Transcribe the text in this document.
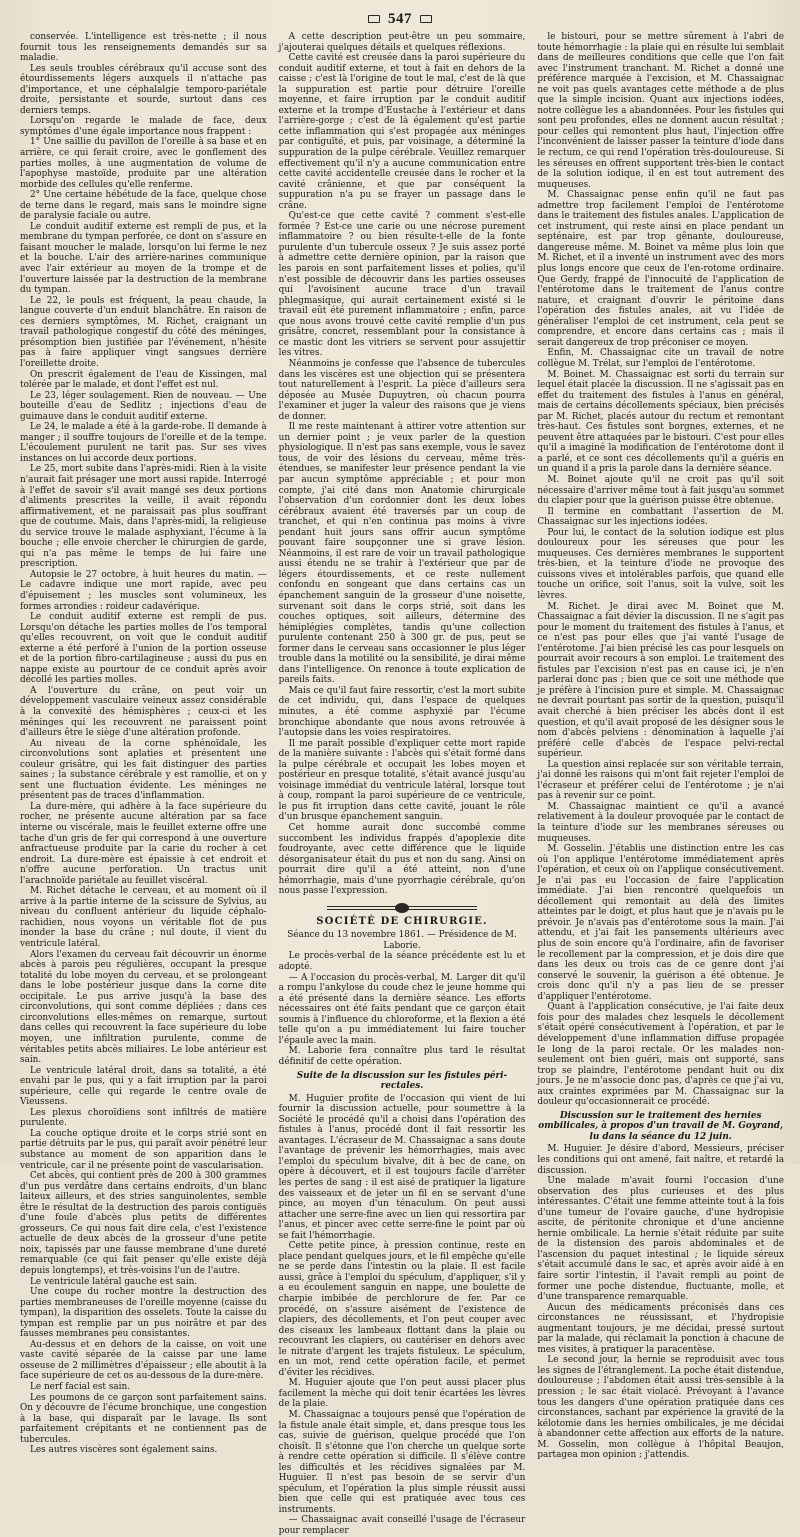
547

conservée. L'intelligence est très-nette ; il nous fournit tous les renseignements demandés sur sa maladie.

Les seuls troubles cérébraux qu'il accuse sont des étourdissements légers auxquels il n'attache pas d'importance, et une céphalalgie temporo-pariétale droite, persistante et sourde, surtout dans ces derniers temps.

Lorsqu'on regarde le malade de face, deux symptômes d'une égale importance nous frappent :

1° Une saillie du pavillon de l'oreille à sa base et en arrière, ce qui ferait croire, avec le gonflement des parties molles, à une augmentation de volume de l'apophyse mastoïde, produite par une altération morbide des cellules qu'elle renferme.

2° Une certaine hébétude de la face, quelque chose de terne dans le regard, mais sans le moindre signe de paralysie faciale ou autre.

Le conduit auditif externe est rempli de pus, et la membrane du tympan perforée, ce dont on s'assure en faisant moucher le malade, lorsqu'on lui ferme le nez et la bouche. L'air des arrière-narines communique avec l'air extérieur au moyen de la trompe et de l'ouverture laissée par la destruction de la membrane du tympan.

Le 22, le pouls est fréquent, la peau chaude, la langue couverte d'un enduit blanchâtre. En raison de ces derniers symptômes, M. Richet, craignant un travail pathologique congestif du côté des méninges, présomption bien justifiée par l'événement, n'hésite pas à faire appliquer vingt sangsues derrière l'oreillette droite.

On prescrit également de l'eau de Kissingen, mal tolérée par le malade, et dont l'effet est nul.

Le 23, léger soulagement. Rien de nouveau. — Une bouteille d'eau de Sedlitz ; injections d'eau de guimauve dans le conduit auditif externe.

Le 24, le malade a été à la garde-robe. Il demande à manger ; il souffre toujours de l'oreille et de la tempe. L'écoulement purulent ne tarit pas. Sur ses vives instances on lui accorde deux portions.

Le 25, mort subite dans l'après-midi. Rien à la visite n'aurait fait présager une mort aussi rapide. Interrogé à l'effet de savoir s'il avait mangé ses deux portions d'aliments prescrites la veille, il avait répondu affirmativement, et ne paraissait pas plus souffrant que de coutume. Mais, dans l'après-midi, la religieuse du service trouve le malade asphyxiant, l'écume à la bouche ; elle envoie chercher le chirurgien de garde, qui n'a pas même le temps de lui faire une prescription.

Autopsie le 27 octobre, à huit heures du matin. — Le cadavre indique une mort rapide, avec peu d'épuisement ; les muscles sont volumineux, les formes arrondies : roideur cadavérique.

Le conduit auditif externe est rempli de pus. Lorsqu'on détache les parties molles de l'os temporal qu'elles recouvrent, on voit que le conduit auditif externe a été perforé à l'union de la portion osseuse et de la portion fibro-cartilagineuse ; aussi du pus en nappe existe au pourtour de ce conduit après avoir décollé les parties molles.

A l'ouverture du crâne, on peut voir un développement vasculaire veineux assez considérable à la convexité des hémisphères ; ceux-ci et les méninges qui les recouvrent ne paraissent point d'ailleurs être le siège d'une altération profonde.

Au niveau de la corne sphénoïdale, les circonvolutions sont aplaties et présentent une couleur grisâtre, qui les fait distinguer des parties saines ; la substance cérébrale y est ramollie, et on y sent une fluctuation évidente. Les méninges ne présentent pas de traces d'inflammation.

La dure-mère, qui adhère à la face supérieure du rocher, ne présente aucune altération par sa face interne ou viscérale, mais le feuillet externe offre une tache d'un gris de fer qui correspond à une ouverture anfractueuse produite par la carie du rocher à cet endroit. La dure-mère est épaissie à cet endroit et n'offre aucune perforation. Un tractus unit l'arachnoïde pariétale au feuillet viscéral.

M. Richet détache le cerveau, et au moment où il arrive à la partie interne de la scissure de Sylvius, au niveau du confluent antérieur du liquide céphalo-rachidien, nous voyons un véritable flot de pus inonder la base du crâne ; nul doute, il vient du ventricule latéral.

Alors l'examen du cerveau fait découvrir un énorme abcès à parois peu régulières, occupant la presque totalité du lobe moyen du cerveau, et se prolongeant dans le lobe postérieur jusque dans la corne dite occipitale. Le pus arrive jusqu'à la base des circonvolutions, qui sont comme dépliées ; dans ces circonvolutions elles-mêmes on remarque, surtout dans celles qui recouvrent la face supérieure du lobe moyen, une infiltration purulente, comme de véritables petits abcès miliaires. Le lobe antérieur est sain.

Le ventricule latéral droit, dans sa totalité, a été envahi par le pus, qui y a fait irruption par la paroi supérieure, celle qui regarde le centre ovale de Vieussens.

Les plexus choroïdiens sont infiltrés de matière purulente.

La couche optique droite et le corps strié sont en partie détruits par le pus, qui paraît avoir pénétré leur substance au moment de son apparition dans le ventricule, car il ne présente point de vascularisation.

Cet abcès, qui contient près de 200 à 300 grammes d'un pus verdâtre dans certains endroits, d'un blanc laiteux ailleurs, et des stries sanguinolentes, semble être le résultat de la destruction des parois contiguës d'une foule d'abcès plus petits de différentes grosseurs. Ce qui nous fait dire cela, c'est l'existence actuelle de deux abcès de la grosseur d'une petite noix, tapissés par une fausse membrane d'une dureté remarquable (ce qui fait penser qu'elle existe déjà depuis longtemps), et très-voisins l'un de l'autre.

Le ventricule latéral gauche est sain.

Une coupe du rocher montre la destruction des parties membraneuses de l'oreille moyenne (caisse du tympan), la disparition des osselets. Toute la caisse du tympan est remplie par un pus noirâtre et par des fausses membranes peu consistantes.

Au-dessus et en dehors de la caisse, on voit une vaste cavité séparée de la caisse par une lame osseuse de 2 millimètres d'épaisseur ; elle aboutit à la face supérieure de cet os au-dessous de la dure-mère.

Le nerf facial est sain.

Les poumons de ce garçon sont parfaitement sains. On y découvre de l'écume bronchique, une congestion à la base, qui disparaît par le lavage. Ils sont parfaitement crépitants et ne contiennent pas de tubercules.

Les autres viscères sont également sains.

A cette description peut-être un peu sommaire, j'ajouterai quelques détails et quelques réflexions.

Cette cavité est creusée dans la paroi supérieure du conduit auditif externe, et tout à fait en dehors de la caisse ; c'est là l'origine de tout le mal, c'est de là que la suppuration est partie pour détruire l'oreille moyenne, et faire irruption par le conduit auditif externe et la trompe d'Eustache à l'extérieur et dans l'arrière-gorge ; c'est de là également qu'est partie cette inflammation qui s'est propagée aux méninges par contiguïté, et puis, par voisinage, a déterminé la suppuration de la pulpe cérébrale. Veuillez remarquer effectivement qu'il n'y a aucune communication entre cette cavité accidentelle creusée dans le rocher et la cavité crânienne, et que par conséquent la suppuration n'a pu se frayer un passage dans le crâne.

Qu'est-ce que cette cavité ? comment s'est-elle formée ? Est-ce une carie ou une nécrose purement inflammatoire ? ou bien résulte-t-elle de la fonte purulente d'un tubercule osseux ? Je suis assez porté à admettre cette dernière opinion, par la raison que les parois en sont parfaitement lisses et polies, qu'il n'est possible de découvrir dans les parties osseuses qui l'avoisinent aucune trace d'un travail phlegmasique, qui aurait certainement existé si le travail eût été purement inflammatoire ; enfin, parce que nous avons trouvé cette cavité remplie d'un pus grisâtre, concret, ressemblant pour la consistance à ce mastic dont les vitriers se servent pour assujettir les vitres.

Néanmoins je confesse que l'absence de tubercules dans les viscères est une objection qui se présentera tout naturellement à l'esprit. La pièce d'ailleurs sera déposée au Musée Dupuytren, où chacun pourra l'examiner et juger la valeur des raisons que je viens de donner.

Il me reste maintenant à attirer votre attention sur un dernier point ; je veux parler de la question physiologique. Il n'est pas sans exemple, vous le savez tous, de voir des lésions du cerveau, même très-étendues, se manifester leur présence pendant la vie par aucun symptôme appréciable ; et pour mon compte, j'ai cité dans mon Anatomie chirurgicale l'observation d'un cordonnier dont les deux lobes cérébraux avaient été traversés par un coup de tranchet, et qui n'en continua pas moins à vivre pendant huit jours sans offrir aucun symptôme pouvant faire soupçonner une si grave lésion. Néanmoins, il est rare de voir un travail pathologique aussi étendu ne se trahir à l'extérieur que par de légers étourdissements, et ce reste nullement confondu en songeant que dans certains cas un épanchement sanguin de la grosseur d'une noisette, survenant soit dans le corps strié, soit dans les couches optiques, soit ailleurs, détermine des hémiplégies complètes, tandis qu'une collection purulente contenant 250 à 300 gr. de pus, peut se former dans le cerveau sans occasionner le plus léger trouble dans la motilité ou la sensibilité, je dirai même dans l'intelligence. On renonce à toute explication de pareils faits.

Mais ce qu'il faut faire ressortir, c'est la mort subite de cet individu, qui, dans l'espace de quelques minutes, a été comme asphyxié par l'écume bronchique abondante que nous avons retrouvée à l'autopsie dans les voies respiratoires.

Il me paraît possible d'expliquer cette mort rapide de la manière suivante : l'abcès qui s'était formé dans la pulpe cérébrale et occupait les lobes moyen et postérieur en presque totalité, s'était avancé jusqu'au voisinage immédiat du ventricule latéral, lorsque tout à coup, rompant la paroi supérieure de ce ventricule, le pus fit irruption dans cette cavité, jouant le rôle d'un brusque épanchement sanguin.

Cet homme aurait donc succombé comme succombent les individus frappés d'apoplexie dite foudroyante, avec cette différence que le liquide désorganisateur était du pus et non du sang. Ainsi on pourrait dire qu'il a été atteint, non d'une hémorrhagie, mais d'une pyorrhagie cérébrale, qu'on nous passe l'expression.

SOCIÉTÉ DE CHIRURGIE.

Séance du 13 novembre 1861. — Présidence de M. Laborie.

Le procès-verbal de la séance précédente est lu et adopté.

— A l'occasion du procès-verbal, M. Larger dit qu'il a rompu l'ankylose du coude chez le jeune homme qui a été présenté dans la dernière séance. Les efforts nécessaires ont été faits pendant que ce garçon était soumis à l'influence du chloroforme, et la flexion a été telle qu'on a pu immédiatement lui faire toucher l'épaule avec la main.

M. Laborie fera connaître plus tard le résultat définitif de cette opération.

Suite de la discussion sur les fistules péri-rectales.

M. Huguier profite de l'occasion qui vient de lui fournir la discussion actuelle, pour soumettre à la Société le procédé qu'il a choisi dans l'opération des fistules à l'anus, procédé dont il fait ressortir les avantages. L'écraseur de M. Chassaignac a sans doute l'avantage de prévenir les hémorrhagies, mais avec l'emploi du spéculum bivalve, dit à bec de cane, on opère à découvert, et il est toujours facile d'arrêter les pertes de sang : il est aisé de pratiquer la ligature des vaisseaux et de jeter un fil en se servant d'une pince, au moyen d'un ténaculum. On peut aussi attacher une serre-fine avec un lien qui ressortira par l'anus, et pincer avec cette serre-fine le point par où se fait l'hémorrhagie.

Cette petite pince, à pression continue, reste en place pendant quelques jours, et le fil empêche qu'elle ne se perde dans l'intestin ou la plaie. Il est facile aussi, grâce à l'emploi du spéculum, d'appliquer, s'il y a eu écoulement sanguin en nappe, une boulette de charpie imbibée de perchlorure de fer. Par ce procédé, on s'assure aisément de l'existence de clapiers, des décollements, et l'on peut couper avec des ciseaux les lambeaux flottant dans la plaie ou recouvrant les clapiers, ou cautériser en dehors avec le nitrate d'argent les trajets fistuleux. Le spéculum, en un mot, rend cette opération facile, et permet d'éviter les récidives.

M. Huguier ajoute que l'on peut aussi placer plus facilement la mèche qui doit tenir écartées les lèvres de la plaie.

M. Chassaignac a toujours pensé que l'opération de la fistule anale était simple, et, dans presque tous les cas, suivie de guérison, quelque procédé que l'on choisît. Il s'étonne que l'on cherche un quelque sorte à rendre cette opération si difficile. Il s'élève contre les difficultés et les récidives signalées par M. Huguier. Il n'est pas besoin de se servir d'un spéculum, et l'opération la plus simple réussit aussi bien que celle qui est pratiquée avec tous ces instruments.

— Chassaignac avait conseillé l'usage de l'écraseur pour remplacer

le bistouri, pour se mettre sûrement à l'abri de toute hémorrhagie : la plaie qui en résulte lui semblait dans de meilleures conditions que celle que l'on fait avec l'instrument tranchant. M. Richet a donné une préférence marquée à l'excision, et M. Chassaignac ne voit pas quels avantages cette méthode a de plus que la simple incision. Quant aux injections iodées, notre collègue les a abandonnées. Pour les fistules qui sont peu profondes, elles ne donnent aucun résultat ; pour celles qui remontent plus haut, l'injection offre l'inconvénient de laisser passer la teinture d'iode dans le rectum, ce qui rend l'opération très-douloureuse. Si les séreuses en offrent supportent très-bien le contact de la solution iodique, il en est tout autrement des muqueuses.

M. Chassaignac pense enfin qu'il ne faut pas admettre trop facilement l'emploi de l'entérotome dans le traitement des fistules anales. L'application de cet instrument, qui reste ainsi en place pendant un septénaire, est par trop gênante, douloureuse, dangereuse même. M. Boinet va même plus loin que M. Richet, et il a inventé un instrument avec des mors plus longs encore que ceux de l'en-rotome ordinaire. Que Gerdy, frappé de l'innocuité de l'application de l'entérotome dans le traitement de l'anus contre nature, et craignant d'ouvrir le péritoine dans l'opération des fistules anales, ait vu l'idée de généraliser l'emploi de cet instrument, cela peut se comprendre, et encore dans certains cas ; mais il serait dangereux de trop préconiser ce moyen.

Enfin, M. Chassaignac cite un travail de notre collègue M. Trélat, sur l'emploi de l'entérotome.

M. Boinet. M. Chassaignac est sorti du terrain sur lequel était placée la discussion. Il ne s'agissait pas en effet du traitement des fistules à l'anus en général, mais de certains décollements spéciaux, bien précisés par M. Richet, placés autour du rectum et remontant très-haut. Ces fistules sont borgnes, externes, et ne peuvent être attaquées par le bistouri. C'est pour elles qu'il a imaginé la modification de l'entérotome dont il a parlé, et ce sont ces décollements qu'il a guéris en un quand il a pris la parole dans la dernière séance.

M. Boinet ajoute qu'il ne croit pas qu'il soit nécessaire d'arriver même tout à fait jusqu'au sommet du clapier pour que la guérison puisse être obtenue.

Il termine en combattant l'assertion de M. Chassaignac sur les injections iodées.

Pour lui, le contact de la solution iodique est plus douloureux pour les séreuses que pour les muqueuses. Ces dernières membranes le supportent très-bien, et la teinture d'iode ne provoque des cuissons vives et intolérables parfois, que quand elle touche un orifice, soit l'anus, soit la vulve, soit les lèvres.

M. Richet. Je dirai avec M. Boinet que M. Chassaignac a fait dévier la discussion. Il ne s'agit pas pour le moment du traitement des fistules à l'anus, et ce n'est pas pour elles que j'ai vanté l'usage de l'entérotome. J'ai bien précisé les cas pour lesquels on pourrait avoir recours à son emploi. Le traitement des fistules par l'excision n'est pas en cause ici, je n'en parlerai donc pas ; bien que ce soit une méthode que je préfère à l'incision pure et simple. M. Chassaignac ne devrait pourtant pas sortir de la question, puisqu'il avait cherché à bien préciser les abcès dont il est question, et qu'il avait proposé de les désigner sous le nom d'abcès pelviens : dénomination à laquelle j'ai préféré celle d'abcès de l'espace pelvi-rectal supérieur.

La question ainsi replacée sur son véritable terrain, j'ai donné les raisons qui m'ont fait rejeter l'emploi de l'écraseur et préférer celui de l'entérotome ; je n'ai pas à revenir sur ce point.

M. Chassaignac maintient ce qu'il a avancé relativement à la douleur provoquée par le contact de la teinture d'iode sur les membranes séreuses ou muqueuses.

M. Gosselin. J'établis une distinction entre les cas où l'on applique l'entérotome immédiatement après l'opération, et ceux où on l'applique consécutivement. Je n'ai pas eu l'occasion de faire l'application immédiate. J'ai bien rencontré quelquefois un décollement qui remontait au delà des limites atteintes par le doigt, et plus haut que je n'avais pu le prévoir. Je n'avais pas d'entérotome sous la main. J'ai attendu, et j'ai fait les pansements ultérieurs avec plus de soin encore qu'à l'ordinaire, afin de favoriser le recollement par la compression, et je dois dire que dans les deux ou trois cas de ce genre dont j'ai conservé le souvenir, la guérison a été obtenue. Je crois donc qu'il n'y a pas lieu de se presser d'appliquer l'entérotome.

Quant à l'application consécutive, je l'ai faite deux fois pour des malades chez lesquels le décollement s'était opéré consécutivement à l'opération, et par le développement d'une inflammation diffuse propagée le long de la paroi rectale. Or les malades non-seulement ont bien guéri, mais ont supporté, sans trop se plaindre, l'entérotome pendant huit ou dix jours. Je ne m'associe donc pas, d'après ce que j'ai vu, aux craintes exprimées par M. Chassaignac sur la douleur qu'occasionnerait ce procédé.

Discussion sur le traitement des hernies ombilicales, à propos d'un travail de M. Goyrand, lu dans la séance du 12 juin.

M. Huguier. Je désire d'abord, Messieurs, préciser les conditions qui ont amené, fait naître, et retardé la discussion.

Une malade m'avait fourni l'occasion d'une observation des plus curieuses et des plus intéressantes. C'était une femme atteinte tout à la fois d'une tumeur de l'ovaire gauche, d'une hydropisie ascite, de péritonite chronique et d'une ancienne hernie ombilicale. La hernie s'était réduite par suite de la distension des parois abdominales et de l'ascension du paquet intestinal ; le liquide séreux s'était accumulé dans le sac, et après avoir aidé à en faire sortir l'intestin, il l'avait rempli au point de former une poche distendue, fluctuante, molle, et d'une transparence remarquable.

Aucun des médicaments préconisés dans ces circonstances ne réussissant, et l'hydropisie augmentant toujours, je me décidai, pressé surtout par la malade, qui réclamait la ponction à chacune de mes visites, à pratiquer la paracentèse.

Le second jour, la hernie se reproduisit avec tous les signes de l'étranglement. La poche était distendue, douloureuse ; l'abdomen était aussi très-sensible à la pression ; le sac était violacé. Prévoyant à l'avance tous les dangers d'une opération pratiquée dans ces circonstances, sachant par expérience la gravité de la kélotomie dans les hernies ombilicales, je me décidai à abandonner cette affection aux efforts de la nature. M. Gosselin, mon collègue à l'hôpital Beaujon, partagea mon opinion ; j'attendis.
